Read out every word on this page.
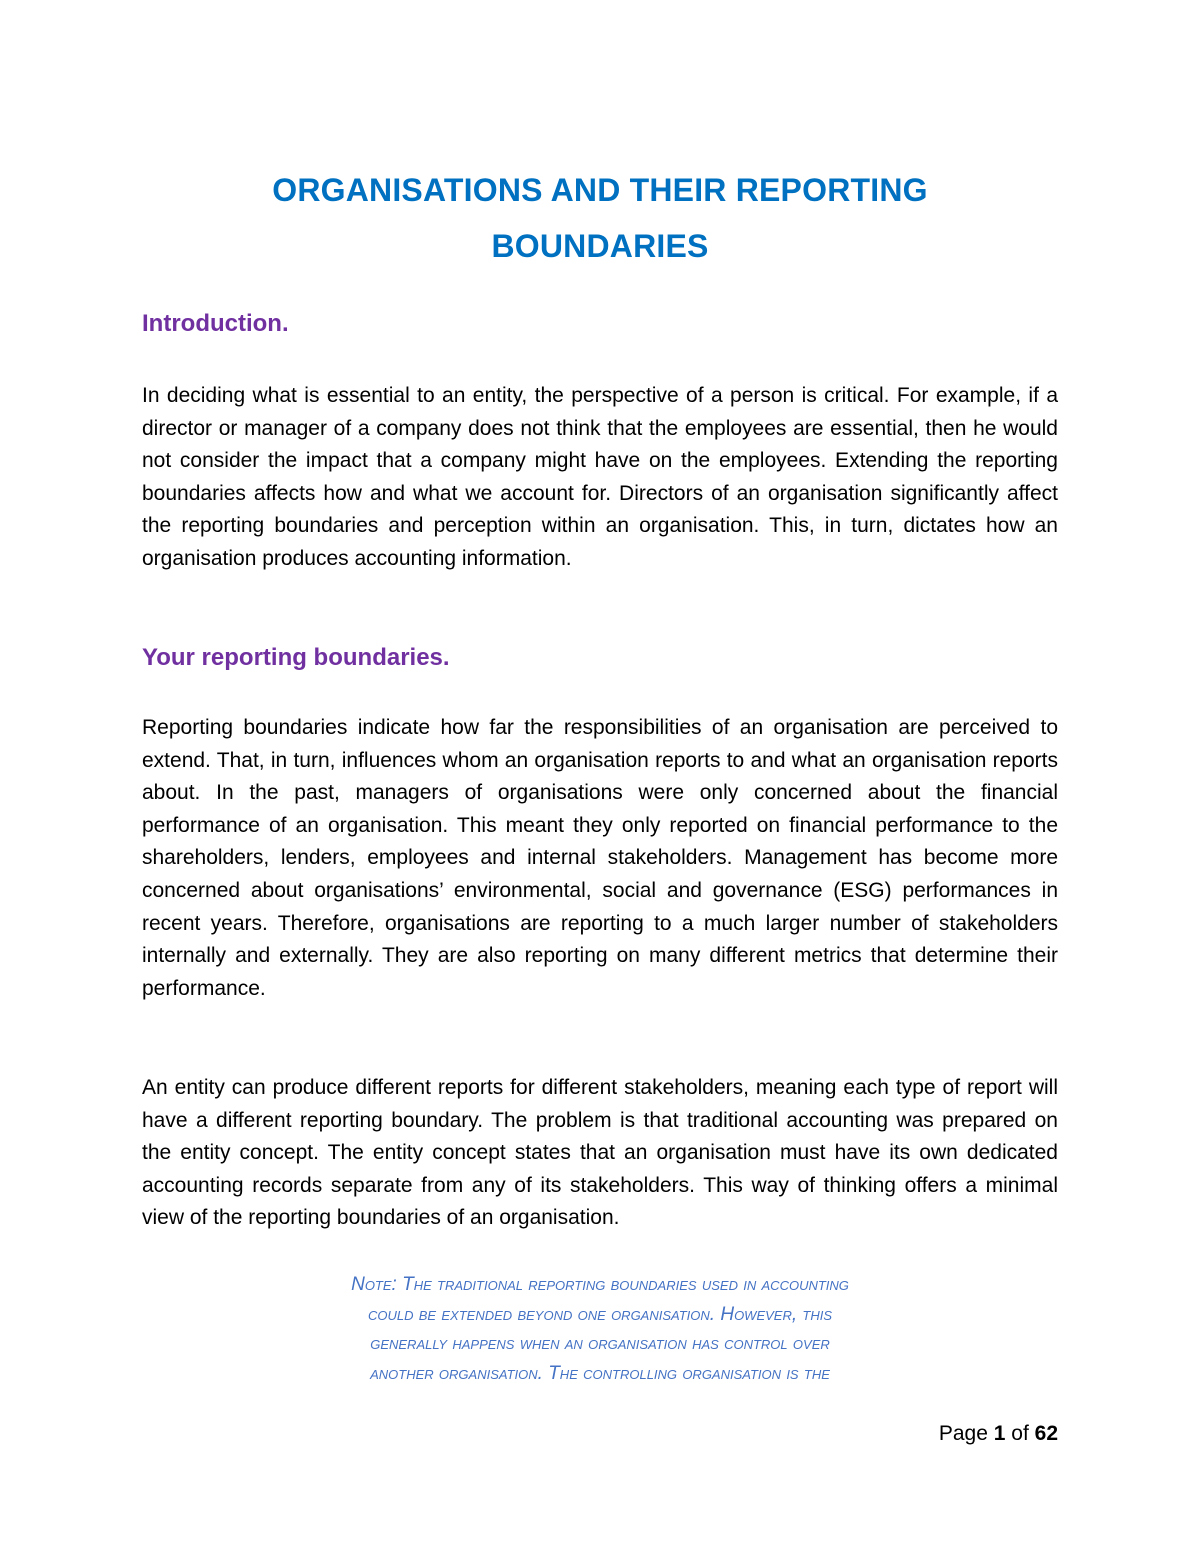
ORGANISATIONS AND THEIR REPORTING
BOUNDARIES
Introduction.

In deciding what is essential to an entity, the perspective of a person is critical. For example, if a director or manager of a company does not think that the employees are essential, then he would not consider the impact that a company might have on the employees. Extending the reporting boundaries affects how and what we account for. Directors of an organisation significantly affect the reporting boundaries and perception within an organisation. This, in turn, dictates how an organisation produces accounting information.

Your reporting boundaries.

Reporting boundaries indicate how far the responsibilities of an organisation are perceived to extend. That, in turn, influences whom an organisation reports to and what an organisation reports about. In the past, managers of organisations were only concerned about the financial performance of an organisation. This meant they only reported on financial performance to the shareholders, lenders, employees and internal stakeholders. Management has become more concerned about organisations’ environmental, social and governance (ESG) performances in recent years. Therefore, organisations are reporting to a much larger number of stakeholders internally and externally. They are also reporting on many different metrics that determine their performance.

An entity can produce different reports for different stakeholders, meaning each type of report will have a different reporting boundary. The problem is that traditional accounting was prepared on the entity concept. The entity concept states that an organisation must have its own dedicated accounting records separate from any of its stakeholders. This way of thinking offers a minimal view of the reporting boundaries of an organisation.

Note: The traditional reporting boundaries used in accounting
could be extended beyond one organisation. However, this
generally happens when an organisation has control over
another organisation. The controlling organisation is the
Page 1 of 62
